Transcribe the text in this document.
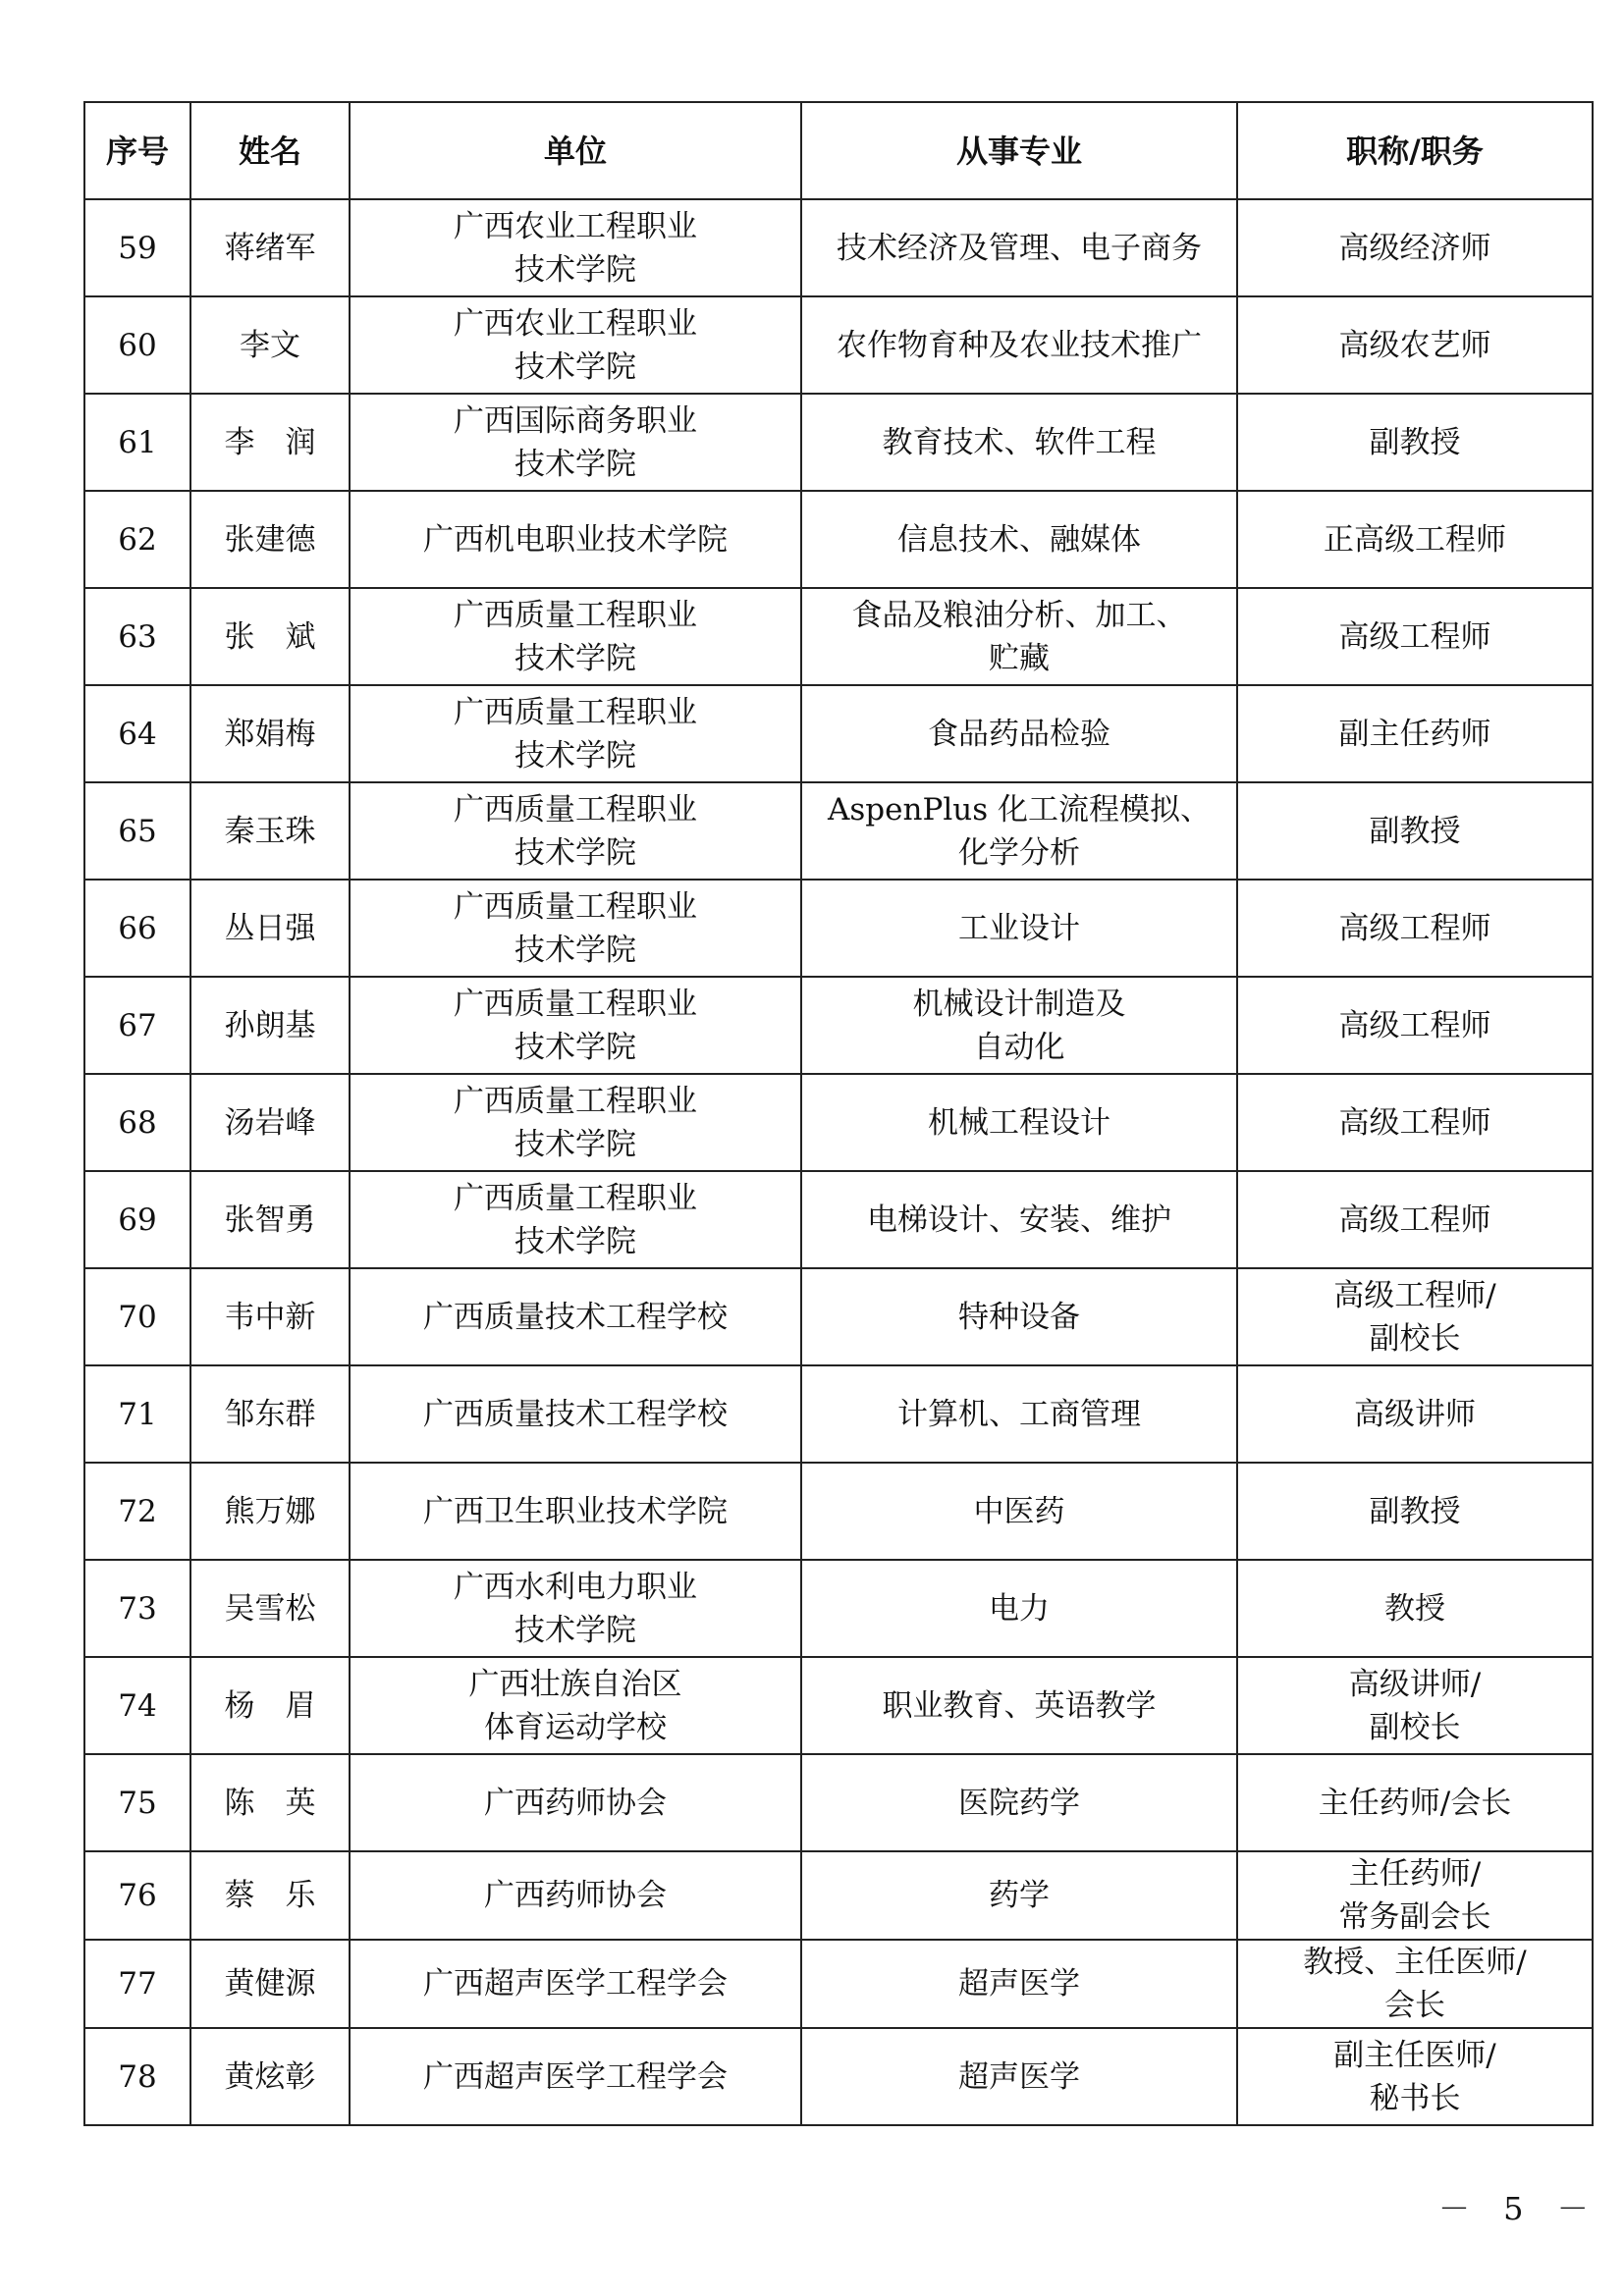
序号	姓名	单位	从事专业	职称/职务
59	蒋绪军	广西农业工程职业
技术学院	技术经济及管理、电子商务	高级经济师
60	李文	广西农业工程职业
技术学院	农作物育种及农业技术推广	高级农艺师
61	李　润	广西国际商务职业
技术学院	教育技术、软件工程	副教授
62	张建德	广西机电职业技术学院	信息技术、融媒体	正高级工程师
63	张　斌	广西质量工程职业
技术学院	食品及粮油分析、加工、
贮藏	高级工程师
64	郑娟梅	广西质量工程职业
技术学院	食品药品检验	副主任药师
65	秦玉珠	广西质量工程职业
技术学院	AspenPlus 化工流程模拟、
化学分析	副教授
66	丛日强	广西质量工程职业
技术学院	工业设计	高级工程师
67	孙朗基	广西质量工程职业
技术学院	机械设计制造及
自动化	高级工程师
68	汤岩峰	广西质量工程职业
技术学院	机械工程设计	高级工程师
69	张智勇	广西质量工程职业
技术学院	电梯设计、安装、维护	高级工程师
70	韦中新	广西质量技术工程学校	特种设备	高级工程师/
副校长
71	邹东群	广西质量技术工程学校	计算机、工商管理	高级讲师
72	熊万娜	广西卫生职业技术学院	中医药	副教授
73	吴雪松	广西水利电力职业
技术学院	电力	教授
74	杨　眉	广西壮族自治区
体育运动学校	职业教育、英语教学	高级讲师/
副校长
75	陈　英	广西药师协会	医院药学	主任药师/会长
76	蔡　乐	广西药师协会	药学	主任药师/
常务副会长
77	黄健源	广西超声医学工程学会	超声医学	教授、主任医师/
会长
78	黄炫彰	广西超声医学工程学会	超声医学	副主任医师/
秘书长
－ 5 －
